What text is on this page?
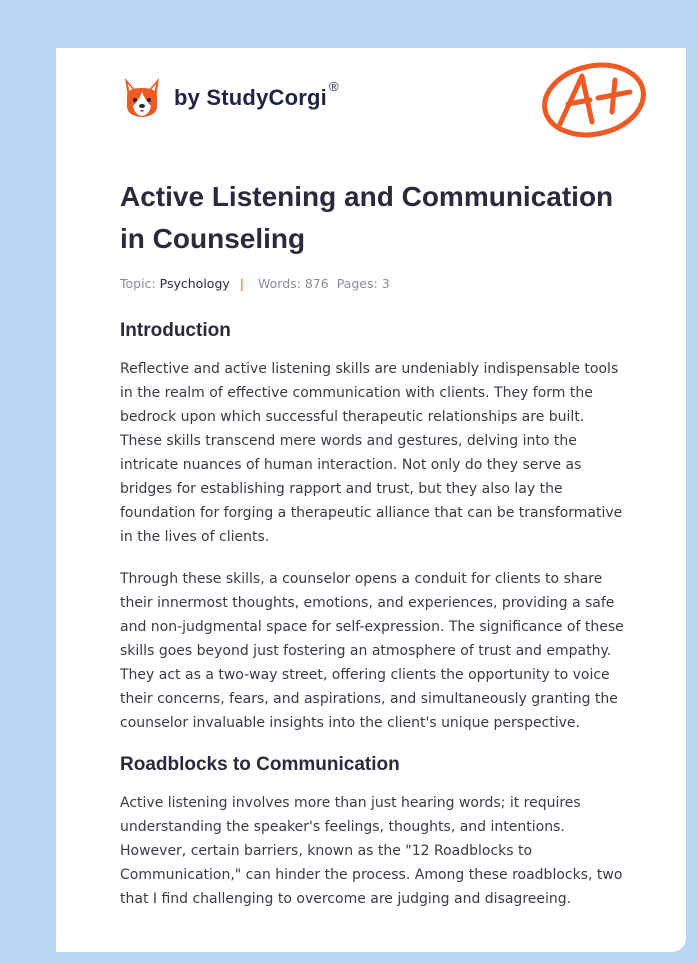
by StudyCorgi ®
Active Listening and Communication in Counseling
Topic: Psychology | Words:
876 Pages:
3
Introduction

Reflective and active listening skills are undeniably indispensable tools in the realm of effective communication with clients. They form the bedrock upon which successful therapeutic relationships are built. These skills transcend mere words and gestures, delving into the intricate nuances of human interaction. Not only do they serve as bridges for establishing rapport and trust, but they also lay the foundation for forging a therapeutic alliance that can be transformative in the lives of clients.

Through these skills, a counselor opens a conduit for clients to share their innermost thoughts, emotions, and experiences, providing a safe and non-judgmental space for self-expression. The significance of these skills goes beyond just fostering an atmosphere of trust and empathy. They act as a two-way street, offering clients the opportunity to voice their concerns, fears, and aspirations, and simultaneously granting the counselor invaluable insights into the client's unique perspective.

Roadblocks to Communication

Active listening involves more than just hearing words; it requires understanding the speaker's feelings, thoughts, and intentions. However, certain barriers, known as the "12 Roadblocks to Communication," can hinder the process. Among these roadblocks, two that I find challenging to overcome are judging and disagreeing.
